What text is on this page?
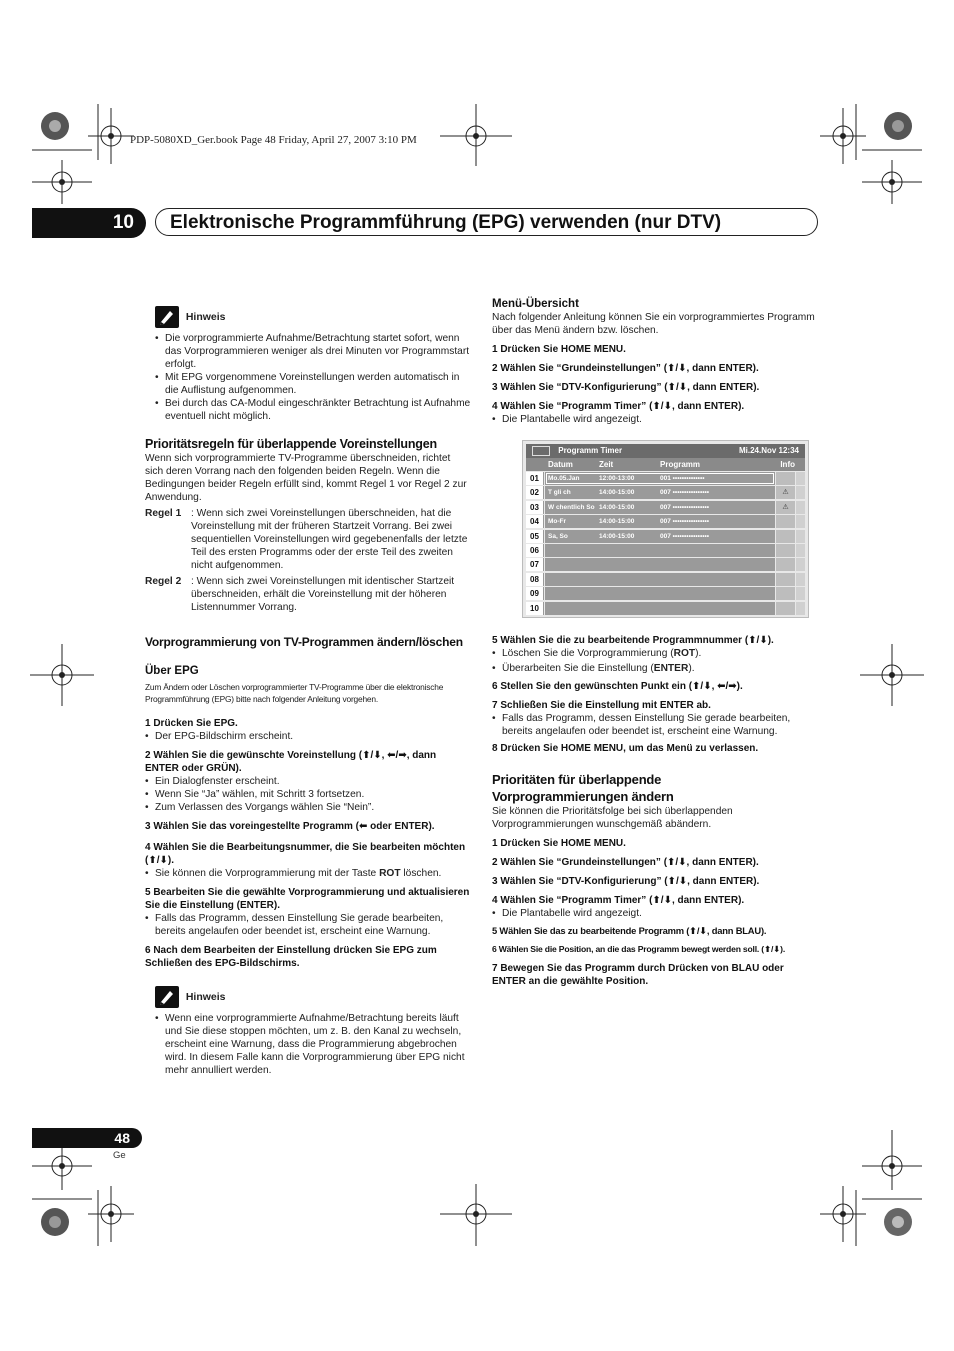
PDP-5080XD_Ger.book Page 48 Friday, April 27, 2007 3:10 PM
10	Elektronische Programmführung (EPG) verwenden (nur DTV)
Hinweis

• Die vorprogrammierte Aufnahme/Betrachtung startet sofort, wenn das Vorprogrammieren weniger als drei Minuten vor Programmstart erfolgt.

• Mit EPG vorgenommene Voreinstellungen werden automatisch in die Auflistung aufgenommen.

• Bei durch das CA-Modul eingeschränkter Betrachtung ist Aufnahme eventuell nicht möglich.

Prioritätsregeln für überlappende Voreinstellungen

Wenn sich vorprogrammierte TV-Programme überschneiden, richtet sich deren Vorrang nach den folgenden beiden Regeln. Wenn die Bedingungen beider Regeln erfüllt sind, kommt Regel 1 vor Regel 2 zur Anwendung.

Regel 1 : Wenn sich zwei Voreinstellungen überschneiden, hat die Voreinstellung mit der früheren Startzeit Vorrang. Bei zwei sequentiellen Voreinstellungen wird gegebenenfalls der letzte Teil des ersten Programms oder der erste Teil des zweiten nicht aufgenommen.
Regel 2 : Wenn sich zwei Voreinstellungen mit identischer Startzeit überschneiden, erhält die Voreinstellung mit der höheren Listennummer Vorrang.
Vorprogrammierung von TV-Programmen ändern/löschen
Über EPG

Zum Ändern oder Löschen vorprogrammierter TV-Programme über die elektronische Programmführung (EPG) bitte nach folgender Anleitung vorgehen.

1 Drücken Sie EPG.

• Der EPG-Bildschirm erscheint.

2 Wählen Sie die gewünschte Voreinstellung (⬆/⬇, ⬅/➡, dann ENTER oder GRÜN).

• Ein Dialogfenster erscheint.

• Wenn Sie “Ja” wählen, mit Schritt 3 fortsetzen.

• Zum Verlassen des Vorgangs wählen Sie “Nein”.

3 Wählen Sie das voreingestellte Programm (⬅ oder ENTER).

4 Wählen Sie die Bearbeitungsnummer, die Sie bearbeiten möchten (⬆/⬇).

• Sie können die Vorprogrammierung mit der Taste ROT löschen.

5 Bearbeiten Sie die gewählte Vorprogrammierung und aktualisieren Sie die Einstellung (ENTER).

• Falls das Programm, dessen Einstellung Sie gerade bearbeiten, bereits angelaufen oder beendet ist, erscheint eine Warnung.

6 Nach dem Bearbeiten der Einstellung drücken Sie EPG zum Schließen des EPG-Bildschirms.

Hinweis

• Wenn eine vorprogrammierte Aufnahme/Betrachtung bereits läuft und Sie diese stoppen möchten, um z. B. den Kanal zu wechseln, erscheint eine Warnung, dass die Programmierung abgebrochen wird. In diesem Falle kann die Vorprogrammierung über EPG nicht mehr annulliert werden.

Menü-Übersicht

Nach folgender Anleitung können Sie ein vorprogrammiertes Programm über das Menü ändern bzw. löschen.

1 Drücken Sie HOME MENU.

2 Wählen Sie “Grundeinstellungen” (⬆/⬇, dann ENTER).

3 Wählen Sie “DTV-Konfigurierung” (⬆/⬇, dann ENTER).

4 Wählen Sie “Programm Timer” (⬆/⬇, dann ENTER).

• Die Plantabelle wird angezeigt.

Programm Timer	Mi.24.Nov 12:34
Datum	Zeit	Programm	Info
01	Mo.05.Jan	12:00-13:00	001 ••••••••••••••
02	T gli ch	14:00-15:00	007 ••••••••••••••••	⚠
03	W chentlich So 14:00-15:00	007 ••••••••••••••••	⚠
04	Mo-Fr	14:00-15:00	007 ••••••••••••••••
05	Sa, So	14:00-15:00	007 ••••••••••••••••
06
07
08
09
10

5 Wählen Sie die zu bearbeitende Programmnummer (⬆/⬇).

• Löschen Sie die Vorprogrammierung (ROT).

• Überarbeiten Sie die Einstellung (ENTER).

6 Stellen Sie den gewünschten Punkt ein (⬆/⬇, ⬅/➡).

7 Schließen Sie die Einstellung mit ENTER ab.

• Falls das Programm, dessen Einstellung Sie gerade bearbeiten, bereits angelaufen oder beendet ist, erscheint eine Warnung.

8 Drücken Sie HOME MENU, um das Menü zu verlassen.

Prioritäten für überlappende
Vorprogrammierungen ändern

Sie können die Prioritätsfolge bei sich überlappenden Vorprogrammierungen wunschgemäß abändern.

1 Drücken Sie HOME MENU.

2 Wählen Sie “Grundeinstellungen” (⬆/⬇, dann ENTER).

3 Wählen Sie “DTV-Konfigurierung” (⬆/⬇, dann ENTER).

4 Wählen Sie “Programm Timer” (⬆/⬇, dann ENTER).

• Die Plantabelle wird angezeigt.

5 Wählen Sie das zu bearbeitende Programm (⬆/⬇, dann BLAU).

6 Wählen Sie die Position, an die das Programm bewegt werden soll. (⬆/⬇).

7 Bewegen Sie das Programm durch Drücken von BLAU oder ENTER an die gewählte Position.

48
Ge
